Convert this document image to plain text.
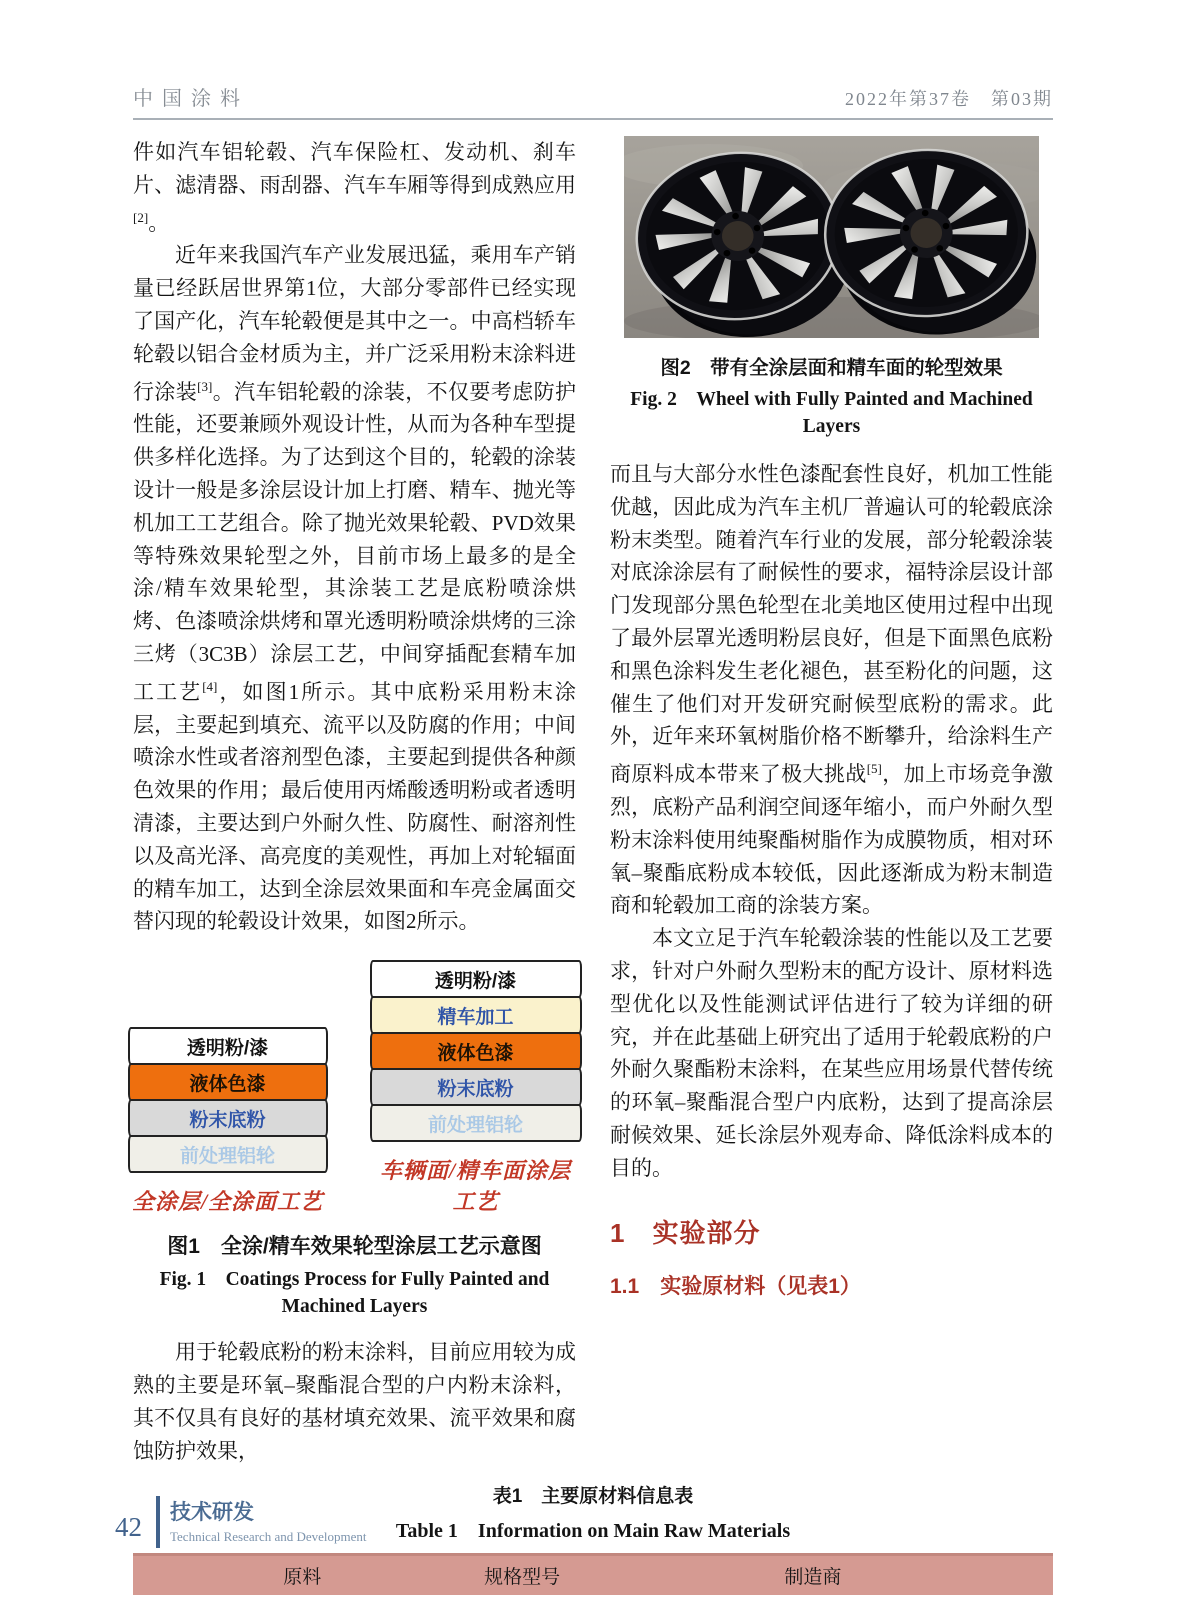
中国涂料	2022年第37卷　第03期

件如汽车铝轮毂、汽车保险杠、发动机、刹车片、滤清器、雨刮器、汽车车厢等得到成熟应用[2]。

近年来我国汽车产业发展迅猛，乘用车产销量已经跃居世界第1位，大部分零部件已经实现了国产化，汽车轮毂便是其中之一。中高档轿车轮毂以铝合金材质为主，并广泛采用粉末涂料进行涂装[3]。汽车铝轮毂的涂装，不仅要考虑防护性能，还要兼顾外观设计性，从而为各种车型提供多样化选择。为了达到这个目的，轮毂的涂装设计一般是多涂层设计加上打磨、精车、抛光等机加工工艺组合。除了抛光效果轮毂、PVD效果等特殊效果轮型之外，目前市场上最多的是全涂/精车效果轮型，其涂装工艺是底粉喷涂烘烤、色漆喷涂烘烤和罩光透明粉喷涂烘烤的三涂三烤（3C3B）涂层工艺，中间穿插配套精车加工工艺[4]，如图1所示。其中底粉采用粉末涂层，主要起到填充、流平以及防腐的作用；中间喷涂水性或者溶剂型色漆，主要起到提供各种颜色效果的作用；最后使用丙烯酸透明粉或者透明清漆，主要达到户外耐久性、防腐性、耐溶剂性以及高光泽、高亮度的美观性，再加上对轮辐面的精车加工，达到全涂层效果面和车亮金属面交替闪现的轮毂设计效果，如图2所示。

透明粉/漆
液体色漆
粉末底粉
前处理铝轮
全涂层/全涂面工艺
透明粉/漆
精车加工
液体色漆
粉末底粉
前处理铝轮
车辆面/精车面涂层工艺
图1　全涂/精车效果轮型涂层工艺示意图
Fig. 1　Coatings Process for Fully Painted and Machined Layers

用于轮毂底粉的粉末涂料，目前应用较为成熟的主要是环氧–聚酯混合型的户内粉末涂料，其不仅具有良好的基材填充效果、流平效果和腐蚀防护效果，

图2　带有全涂层面和精车面的轮型效果
Fig. 2　Wheel with Fully Painted and Machined Layers

而且与大部分水性色漆配套性良好，机加工性能优越，因此成为汽车主机厂普遍认可的轮毂底涂粉末类型。随着汽车行业的发展，部分轮毂涂装对底涂涂层有了耐候性的要求，福特涂层设计部门发现部分黑色轮型在北美地区使用过程中出现了最外层罩光透明粉层良好，但是下面黑色底粉和黑色涂料发生老化褪色，甚至粉化的问题，这催生了他们对开发研究耐候型底粉的需求。此外，近年来环氧树脂价格不断攀升，给涂料生产商原料成本带来了极大挑战[5]，加上市场竞争激烈，底粉产品利润空间逐年缩小，而户外耐久型粉末涂料使用纯聚酯树脂作为成膜物质，相对环氧–聚酯底粉成本较低，因此逐渐成为粉末制造商和轮毂加工商的涂装方案。

本文立足于汽车轮毂涂装的性能以及工艺要求，针对户外耐久型粉末的配方设计、原材料选型优化以及性能测试评估进行了较为详细的研究，并在此基础上研究出了适用于轮毂底粉的户外耐久聚酯粉末涂料，在某些应用场景代替传统的环氧–聚酯混合型户内底粉，达到了提高涂层耐候效果、延长涂层外观寿命、降低涂料成本的目的。

1　实验部分
1.1　实验原材料（见表1）
表1　主要原材料信息表
Table 1　Information on Main Raw Materials
原料	规格型号	制造商

42 技术研发
Technical Research and Development
